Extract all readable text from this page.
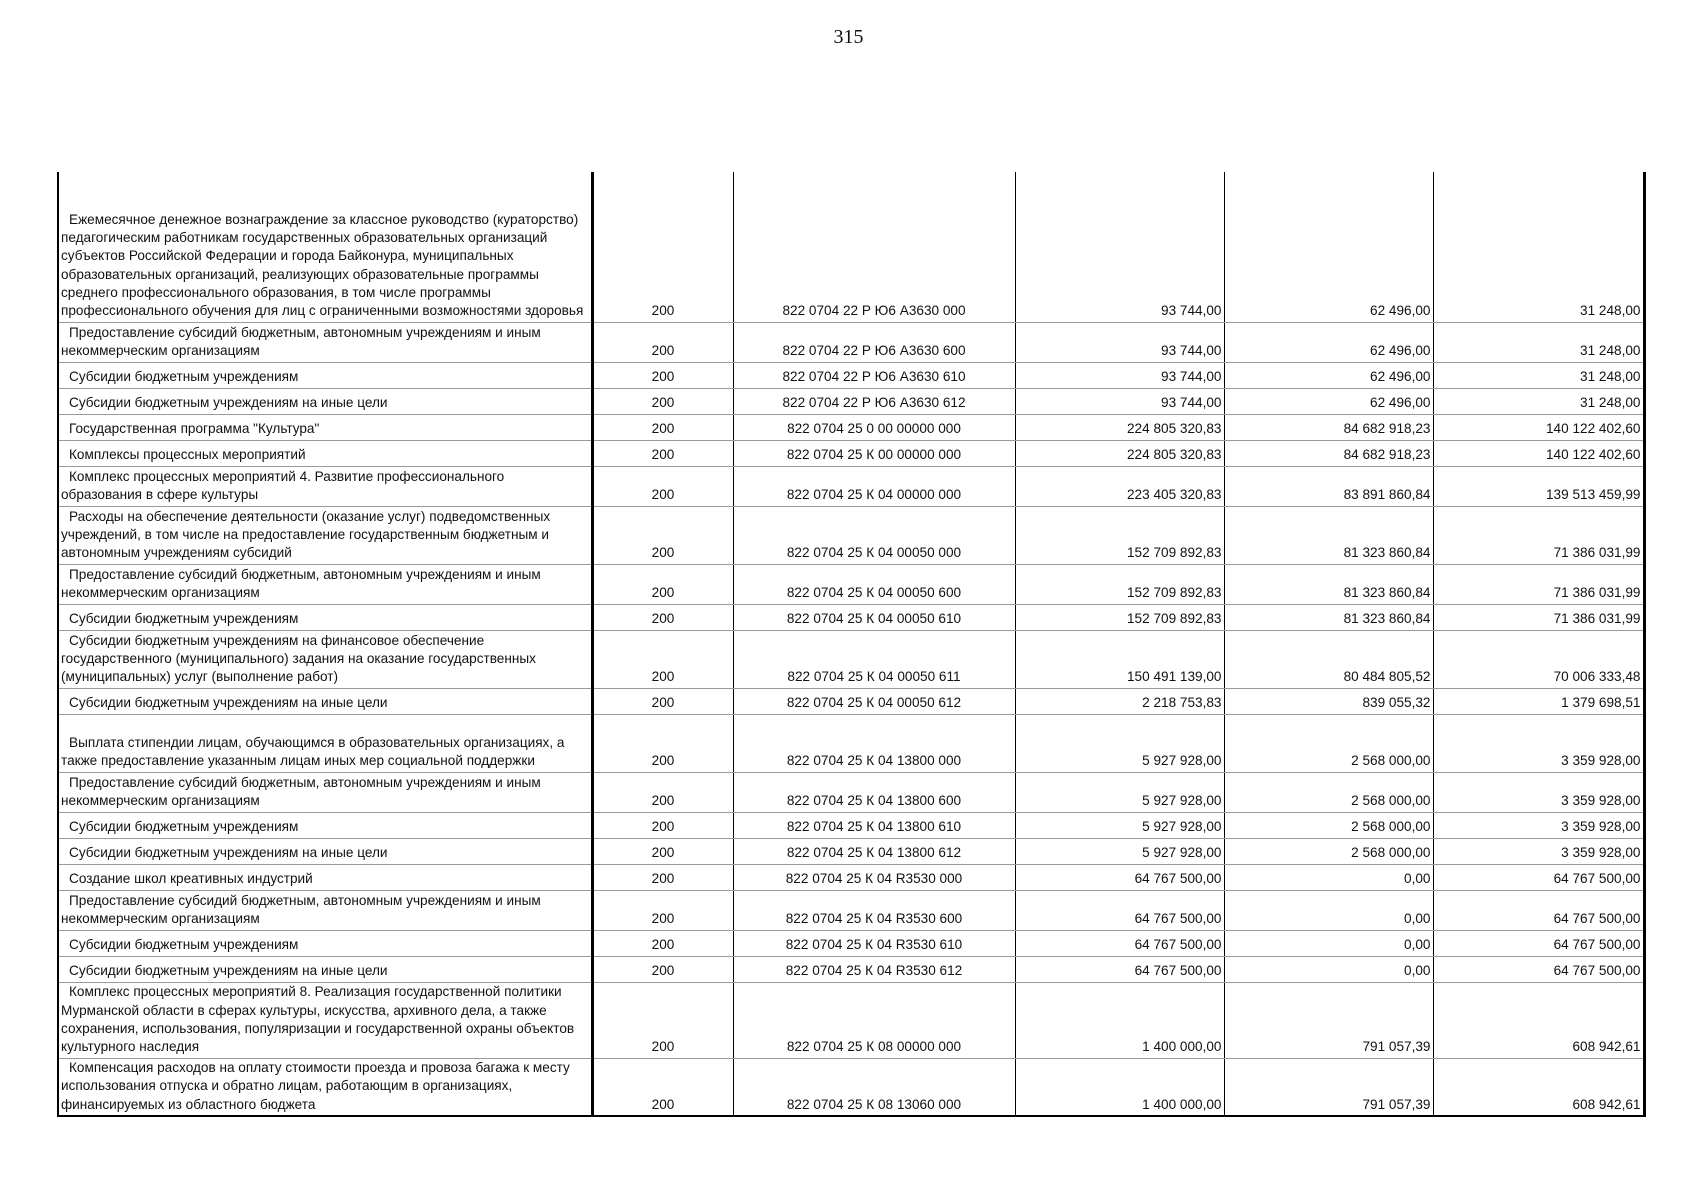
315
Ежемесячное денежное вознаграждение за классное руководство (кураторство) педагогическим работникам государственных образовательных организаций субъектов Российской Федерации и города Байконура, муниципальных образовательных организаций, реализующих образовательные программы среднего профессионального образования, в том числе программы профессионального обучения для лиц с ограниченными возможностями здоровья	200	822 0704 22 Р Ю6 А3630 000	93 744,00	62 496,00	31 248,00
Предоставление субсидий бюджетным, автономным учреждениям и иным некоммерческим организациям	200	822 0704 22 Р Ю6 А3630 600	93 744,00	62 496,00	31 248,00
Субсидии бюджетным учреждениям	200	822 0704 22 Р Ю6 А3630 610	93 744,00	62 496,00	31 248,00
Субсидии бюджетным учреждениям на иные цели	200	822 0704 22 Р Ю6 А3630 612	93 744,00	62 496,00	31 248,00
Государственная программа "Культура"	200	822 0704 25 0 00 00000 000	224 805 320,83	84 682 918,23	140 122 402,60
Комплексы процессных мероприятий	200	822 0704 25 К 00 00000 000	224 805 320,83	84 682 918,23	140 122 402,60
Комплекс процессных мероприятий 4. Развитие профессионального образования в сфере культуры	200	822 0704 25 К 04 00000 000	223 405 320,83	83 891 860,84	139 513 459,99
Расходы на обеспечение деятельности (оказание услуг) подведомственных учреждений, в том числе на предоставление государственным бюджетным и автономным учреждениям субсидий	200	822 0704 25 К 04 00050 000	152 709 892,83	81 323 860,84	71 386 031,99
Предоставление субсидий бюджетным, автономным учреждениям и иным некоммерческим организациям	200	822 0704 25 К 04 00050 600	152 709 892,83	81 323 860,84	71 386 031,99
Субсидии бюджетным учреждениям	200	822 0704 25 К 04 00050 610	152 709 892,83	81 323 860,84	71 386 031,99
Субсидии бюджетным учреждениям на финансовое обеспечение государственного (муниципального) задания на оказание государственных (муниципальных) услуг (выполнение работ)	200	822 0704 25 К 04 00050 611	150 491 139,00	80 484 805,52	70 006 333,48
Субсидии бюджетным учреждениям на иные цели	200	822 0704 25 К 04 00050 612	2 218 753,83	839 055,32	1 379 698,51
Выплата стипендии лицам, обучающимся в образовательных организациях, а также предоставление указанным лицам иных мер социальной поддержки	200	822 0704 25 К 04 13800 000	5 927 928,00	2 568 000,00	3 359 928,00
Предоставление субсидий бюджетным, автономным учреждениям и иным некоммерческим организациям	200	822 0704 25 К 04 13800 600	5 927 928,00	2 568 000,00	3 359 928,00
Субсидии бюджетным учреждениям	200	822 0704 25 К 04 13800 610	5 927 928,00	2 568 000,00	3 359 928,00
Субсидии бюджетным учреждениям на иные цели	200	822 0704 25 К 04 13800 612	5 927 928,00	2 568 000,00	3 359 928,00
Создание школ креативных индустрий	200	822 0704 25 К 04 R3530 000	64 767 500,00	0,00	64 767 500,00
Предоставление субсидий бюджетным, автономным учреждениям и иным некоммерческим организациям	200	822 0704 25 К 04 R3530 600	64 767 500,00	0,00	64 767 500,00
Субсидии бюджетным учреждениям	200	822 0704 25 К 04 R3530 610	64 767 500,00	0,00	64 767 500,00
Субсидии бюджетным учреждениям на иные цели	200	822 0704 25 К 04 R3530 612	64 767 500,00	0,00	64 767 500,00
Комплекс процессных мероприятий 8. Реализация государственной политики Мурманской области в сферах культуры, искусства, архивного дела, а также сохранения, использования, популяризации и государственной охраны объектов культурного наследия	200	822 0704 25 К 08 00000 000	1 400 000,00	791 057,39	608 942,61
Компенсация расходов на оплату стоимости проезда и провоза багажа к месту использования отпуска и обратно лицам, работающим в организациях, финансируемых из областного бюджета	200	822 0704 25 К 08 13060 000	1 400 000,00	791 057,39	608 942,61
